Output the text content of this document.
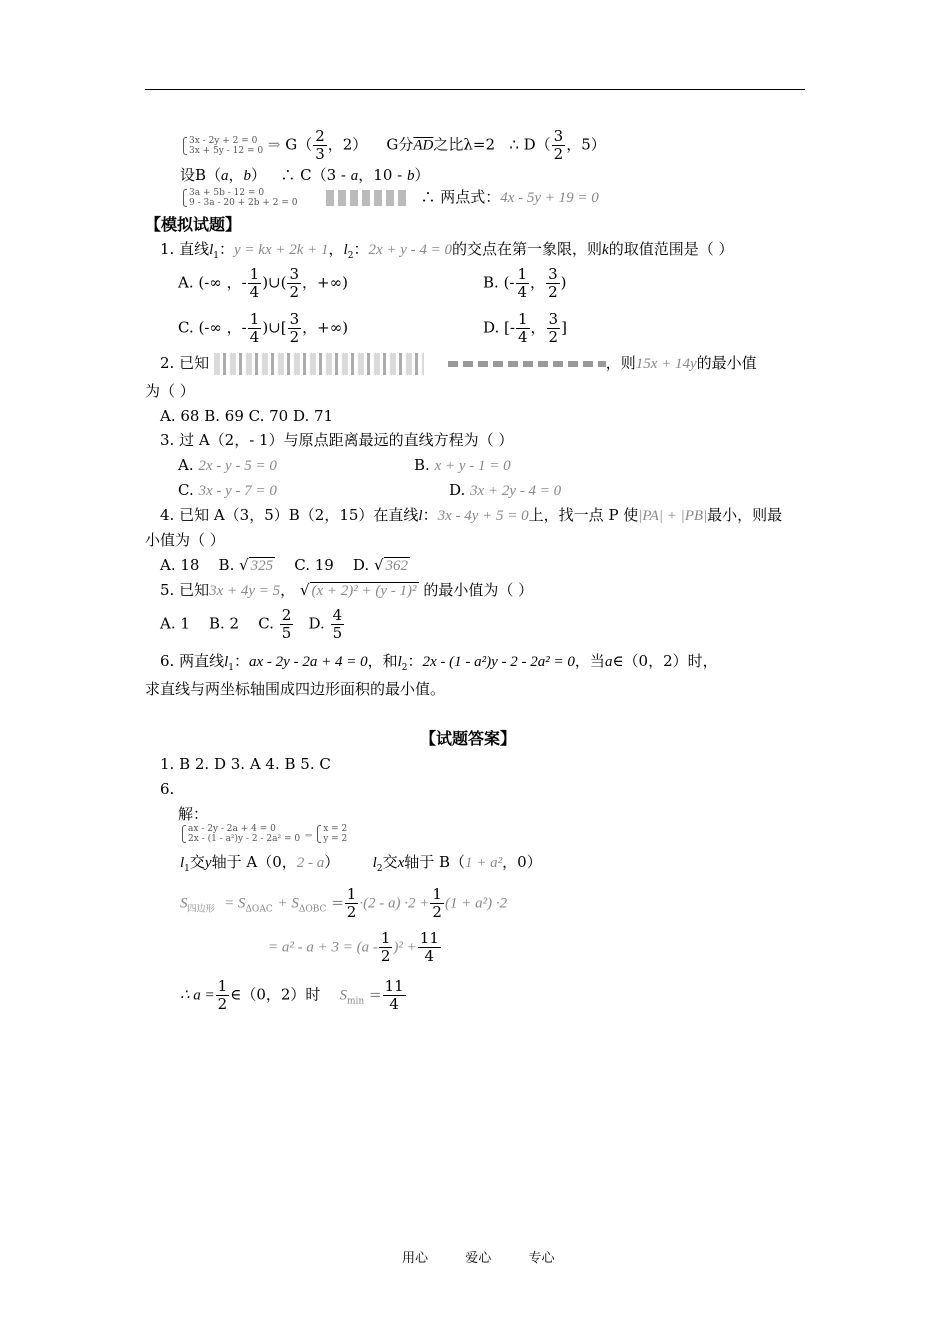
3x - 2y + 2 = 0
3x + 5y - 12 = 0 ⇒ $G( \frac{2}{3}$ ，2） G分$\overline{AD}$之比λ=2 ∴ $D( \frac{3}{2}$ ，5）
设B（a，b） ∴ C（3 - a，10 - b）
3a + 5b - 12 = 0
9 - 3a - 20 + 2b + 2 = 0	∴ 两点式：4x - 5y + 19 = 0
【模拟试题】
1. 直线$l_1$：y = kx + 2k + 1，$l_2$：2x + y - 4 = 0的交点在第一象限，则k的取值范围是（ ）
A. (-∞ ，- $\frac{1}{4}$ )∪( $\frac{3}{2}$ ，+∞)	B. (- $\frac{1}{4}$ ， $\frac{3}{2}$ )
C. (-∞ ，- $\frac{1}{4}$ )∪[ $\frac{3}{2}$ ，+∞)	D. [- $\frac{1}{4}$ ， $\frac{3}{2}$ ]
2. 已知	，则15x + 14y的最小值
为（ ）
A. 68 B. 69 C. 70 D. 71
3. 过 A（2，- 1）与原点距离最远的直线方程为（ ）
A. 2x - y - 5 = 0	B. x + y - 1 = 0
C. 3x - y - 7 = 0	D. 3x + 2y - 4 = 0
4. 已知 A（3，5）B（2，15）在直线l：3x - 4y + 5 = 0上，找一点 P 使|PA| + |PB|最小，则最
小值为（ ）
A. 18 B. √ 325 C. 19 D. √ 362
5. 已知3x + 4y = 5， √ (x + 2)² + (y - 1)² 的最小值为（ ）
A. 1 B. 2 C. $\frac{2}{5} D$. $\frac{4}{5}$
6. 两直线$l_1$：ax - 2y - 2a + 4 = 0，和$l_2$：2x - (1 - a²)y - 2 - 2a² = 0，当a∈（0，2）时，
求直线与两坐标轴围成四边形面积的最小值。
【试题答案】
1. B 2. D 3. A 4. B 5. C
6.
解：
ax - 2y - 2a + 4 = 0
2x - (1 - a²)y - 2 - 2a² = 0 ⇒
x = 2
y = 2
$l_1$交y轴于 A（0，2 - a） $l_2$交x轴于 B（1 + a²，0）
$S_{四边形} = S_{\Delta OAC} + S_{\Delta OBC} = \frac{1}{2} \cdot(2 - a) \cdot 2 + \frac{1}{2} (1 + a^2) \cdot 2$
= $a^2 - a + 3 = (a - \frac{1}{2} )^2 + \frac{11}{4}$
∴ $a = \frac{1}{2}$ ∈（0，2）时 $S_{min} = \frac{11}{4}$
用心	爱心	专心
